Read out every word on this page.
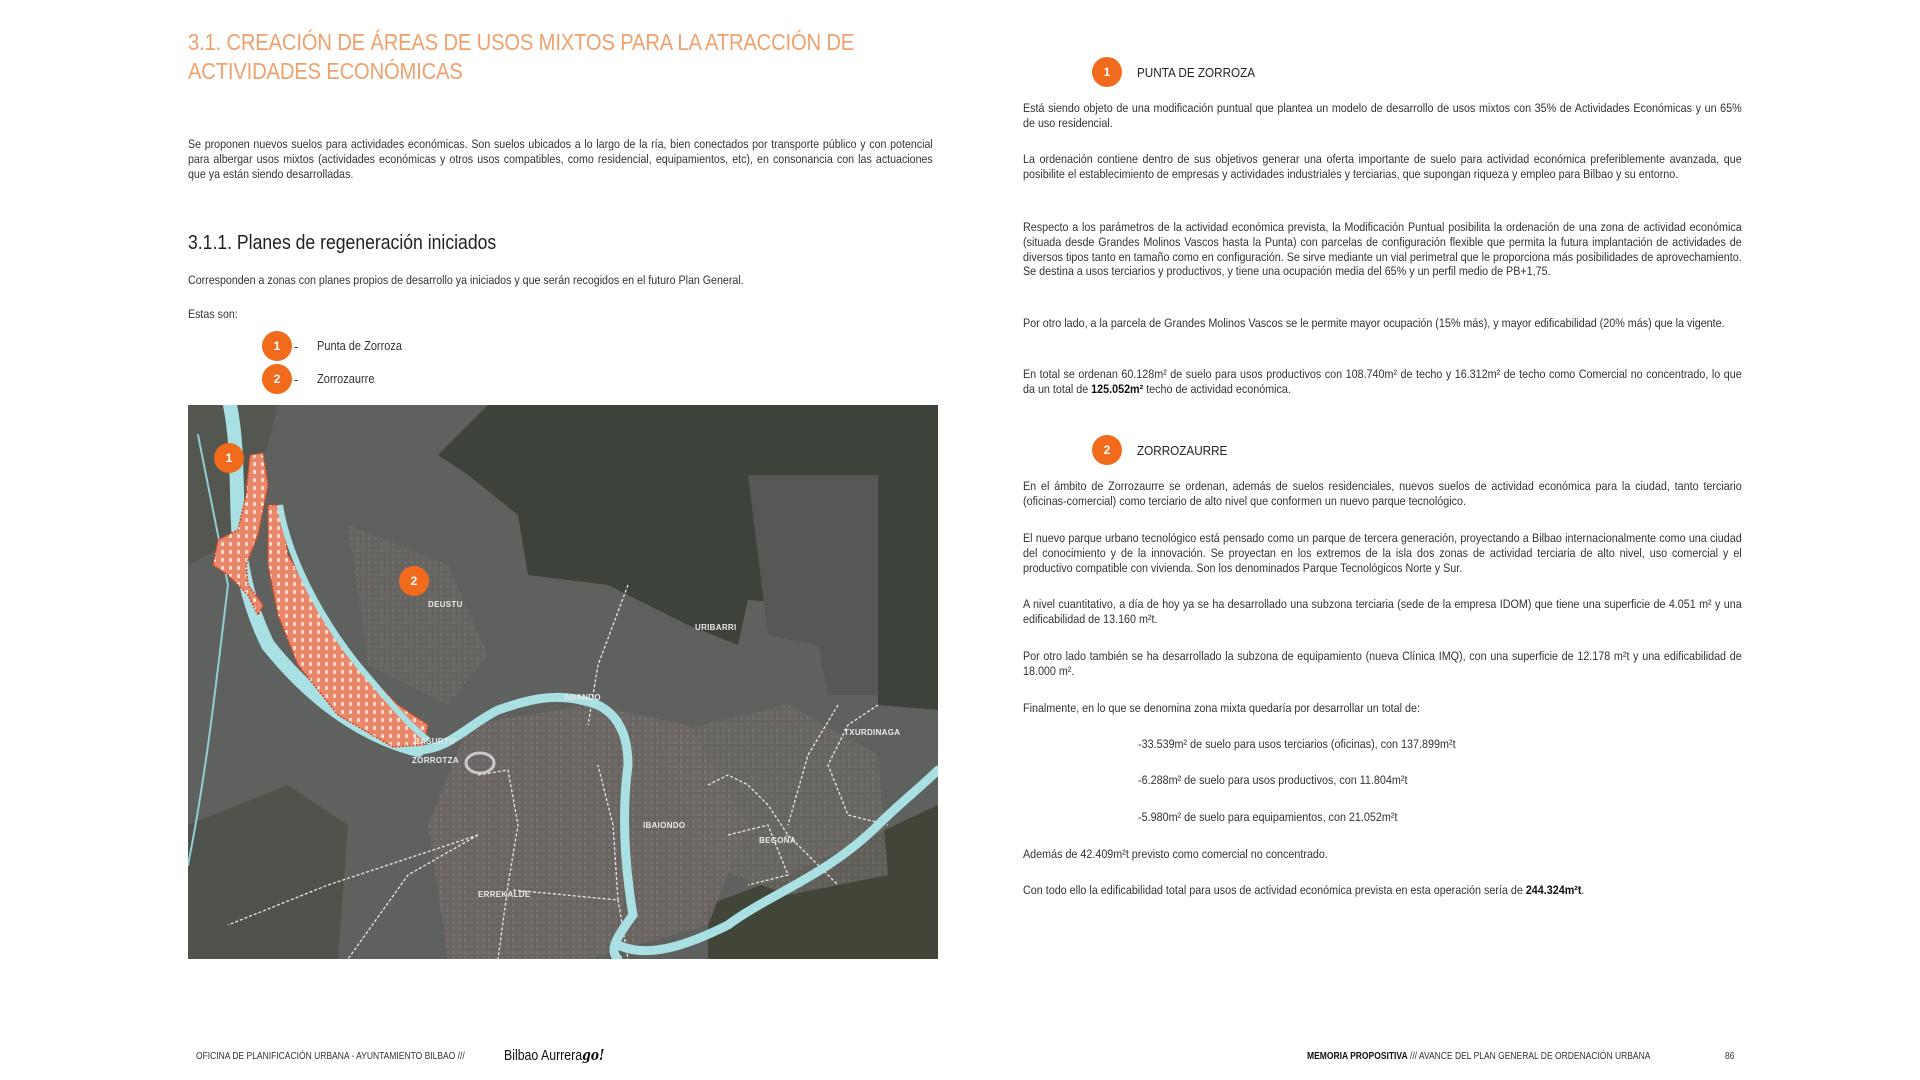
3.1. CREACIÓN DE ÁREAS DE USOS MIXTOS PARA LA ATRACCIÓN DE
ACTIVIDADES ECONÓMICAS
Se proponen nuevos suelos para actividades económicas. Son suelos ubicados a lo largo de la ría, bien conectados por transporte público y con potencial para albergar usos mixtos (actividades económicas y otros usos compatibles, como residencial, equipamientos, etc), en consonancia con las actuaciones que ya están siendo desarrolladas.
3.1.1. Planes de regeneración iniciados
Corresponden a zonas con planes propios de desarrollo ya iniciados y que serán recogidos en el futuro Plan General.
Estas son:
1	-	Punta de Zorroza
2	-	Zorrozaurre
1
2
DEUSTU
URIBARRI
ABANDO
BASURTU
ZORROTZA
TXURDINAGA
IBAIONDO
BEGOÑA
ERREKALDE
1	PUNTA DE ZORROZA
Está siendo objeto de una modificación puntual que plantea un modelo de desarrollo de usos mixtos con 35% de Actividades Económicas y un 65% de uso residencial.
La ordenación contiene dentro de sus objetivos generar una oferta importante de suelo para actividad económica preferiblemente avanzada, que posibilite el establecimiento de empresas y actividades industriales y terciarias, que supongan riqueza y empleo para Bilbao y su entorno.
Respecto a los parámetros de la actividad económica prevista, la Modificación Puntual posibilita la ordenación de una zona de actividad económica (situada desde Grandes Molinos Vascos hasta la Punta) con parcelas de configuración flexible que permita la futura implantación de actividades de diversos tipos tanto en tamaño como en configuración. Se sirve mediante un vial perimetral que le proporciona más posibilidades de aprovechamiento. Se destina a usos terciarios y productivos, y tiene una ocupación media del 65% y un perfil medio de PB+1,75.
Por otro lado, a la parcela de Grandes Molinos Vascos se le permite mayor ocupación (15% más), y mayor edificabilidad (20% más) que la vigente.
En total se ordenan 60.128m² de suelo para usos productivos con 108.740m² de techo y 16.312m² de techo como Comercial no concentrado, lo que da un total de 125.052m² techo de actividad económica.
2	ZORROZAURRE
En el ámbito de Zorrozaurre se ordenan, además de suelos residenciales, nuevos suelos de actividad económica para la ciudad, tanto terciario (oficinas-comercial) como terciario de alto nivel que conformen un nuevo parque tecnológico.
El nuevo parque urbano tecnológico está pensado como un parque de tercera generación, proyectando a Bilbao internacionalmente como una ciudad del conocimiento y de la innovación. Se proyectan en los extremos de la isla dos zonas de actividad terciaria de alto nivel, uso comercial y el productivo compatible con vivienda. Son los denominados Parque Tecnológicos Norte y Sur.
A nivel cuantitativo, a día de hoy ya se ha desarrollado una subzona terciaria (sede de la empresa IDOM) que tiene una superficie de 4.051 m² y una edificabilidad de 13.160 m²t.
Por otro lado también se ha desarrollado la subzona de equipamiento (nueva Clínica IMQ), con una superficie de 12.178 m²t y una edificabilidad de 18.000 m².
Finalmente, en lo que se denomina zona mixta quedaría por desarrollar un total de:
-33.539m² de suelo para usos terciarios (oficinas), con 137.899m²t
-6.288m² de suelo para usos productivos, con 11.804m²t
-5.980m² de suelo para equipamientos, con 21.052m²t
Además de 42.409m²t previsto como comercial no concentrado.
Con todo ello la edificabilidad total para usos de actividad económica prevista en esta operación sería de 244.324m²t.
OFICINA DE PLANIFICACIÓN URBANA - AYUNTAMIENTO BILBAO ///	Bilbao Aurrerago!	MEMORIA PROPOSITIVA /// AVANCE DEL PLAN GENERAL DE ORDENACIÓN URBANA	86
